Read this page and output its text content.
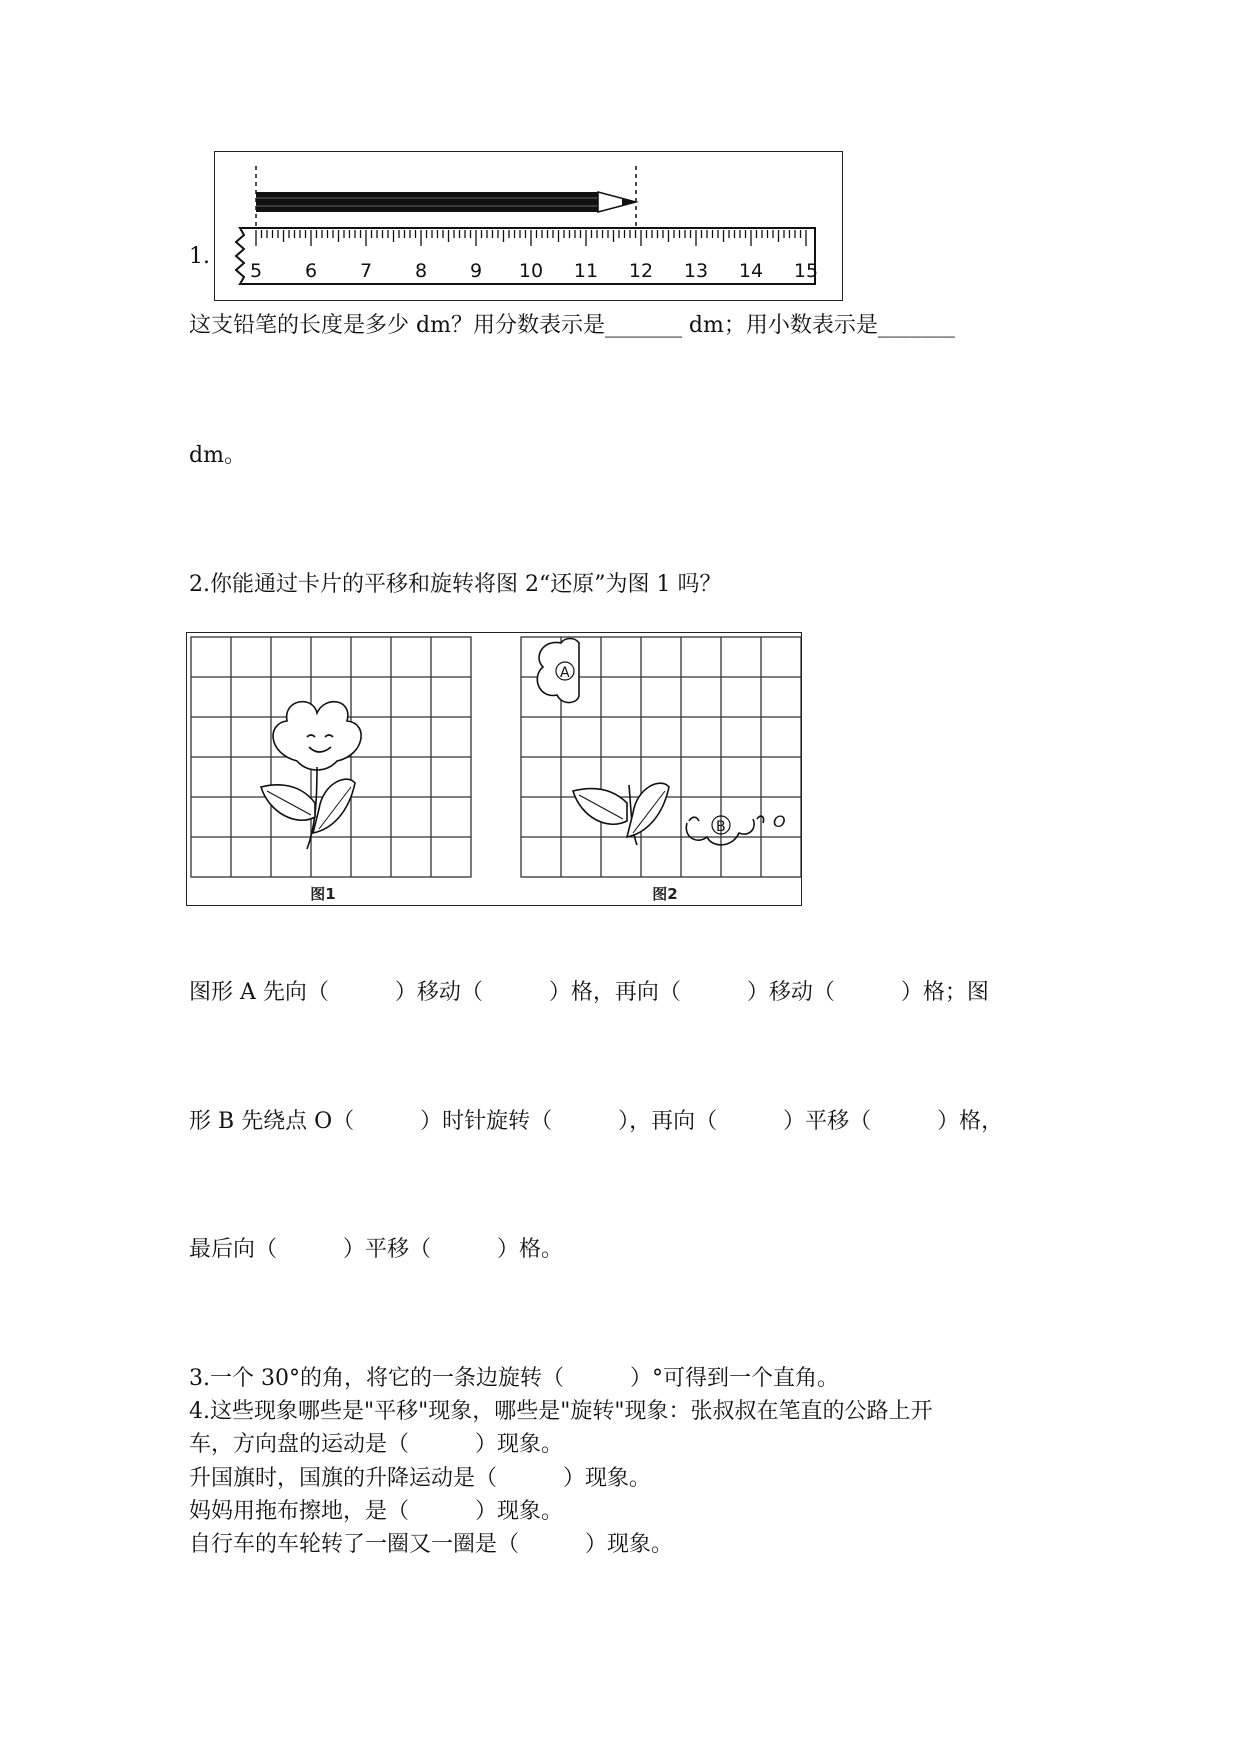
1.
5 6 7 8 9 10 11 12 13 14 15
这支铅笔的长度是多少 dm？用分数表示是_______ dm；用小数表示是_______
dm。
2.你能通过卡片的平移和旋转将图 2“还原”为图 1 吗？
A
B	O
图1	图2
图形 A 先向（　　　）移动（　　　）格，再向（　　　）移动（　　　）格；图
形 B 先绕点 O（　　　）时针旋转（　　　），再向（　　　）平移（　　　）格，
最后向（　　　）平移（　　　）格。
3.一个 30°的角，将它的一条边旋转（　　　）°可得到一个直角。
4.这些现象哪些是"平移"现象，哪些是"旋转"现象：张叔叔在笔直的公路上开
车，方向盘的运动是（　　　）现象。
升国旗时，国旗的升降运动是（　　　）现象。
妈妈用拖布擦地，是（　　　）现象。
自行车的车轮转了一圈又一圈是（　　　）现象。
